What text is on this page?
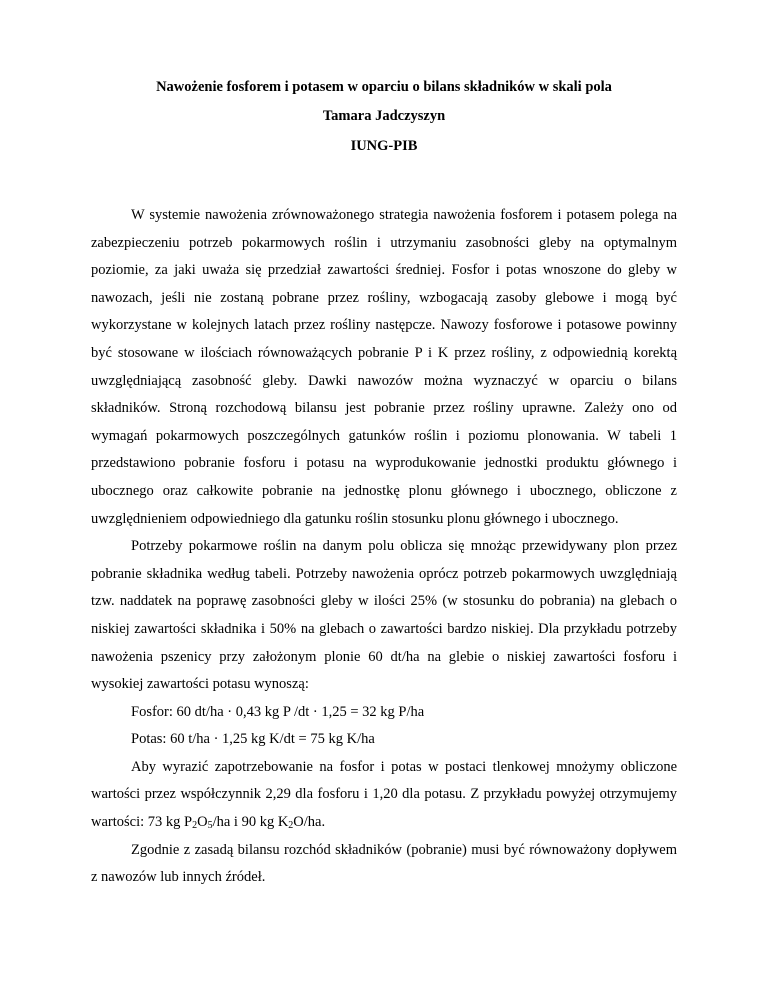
Nawożenie fosforem i potasem w oparciu o bilans składników w skali pola
Tamara Jadczyszyn
IUNG-PIB

W systemie nawożenia zrównoważonego strategia nawożenia fosforem i potasem polega na zabezpieczeniu potrzeb pokarmowych roślin i utrzymaniu zasobności gleby na optymalnym poziomie, za jaki uważa się przedział zawartości średniej. Fosfor i potas wnoszone do gleby w nawozach, jeśli nie zostaną pobrane przez rośliny, wzbogacają zasoby glebowe i mogą być wykorzystane w kolejnych latach przez rośliny następcze. Nawozy fosforowe i potasowe powinny być stosowane w ilościach równoważących pobranie P i K przez rośliny, z odpowiednią korektą uwzględniającą zasobność gleby. Dawki nawozów można wyznaczyć w oparciu o bilans składników. Stroną rozchodową bilansu jest pobranie przez rośliny uprawne. Zależy ono od wymagań pokarmowych poszczególnych gatunków roślin i poziomu plonowania. W tabeli 1 przedstawiono pobranie fosforu i potasu na wyprodukowanie jednostki produktu głównego i ubocznego oraz całkowite pobranie na jednostkę plonu głównego i ubocznego, obliczone z uwzględnieniem odpowiedniego dla gatunku roślin stosunku plonu głównego i ubocznego.

Potrzeby pokarmowe roślin na danym polu oblicza się mnożąc przewidywany plon przez pobranie składnika według tabeli. Potrzeby nawożenia oprócz potrzeb pokarmowych uwzględniają tzw. naddatek na poprawę zasobności gleby w ilości 25% (w stosunku do pobrania) na glebach o niskiej zawartości składnika i 50% na glebach o zawartości bardzo niskiej. Dla przykładu potrzeby nawożenia pszenicy przy założonym plonie 60 dt/ha na glebie o niskiej zawartości fosforu i wysokiej zawartości potasu wynoszą:

Fosfor: 60 dt/ha · 0,43 kg P /dt · 1,25 = 32 kg P/ha

Potas: 60 t/ha · 1,25 kg K/dt = 75 kg K/ha

Aby wyrazić zapotrzebowanie na fosfor i potas w postaci tlenkowej mnożymy obliczone wartości przez współczynnik 2,29 dla fosforu i 1,20 dla potasu. Z przykładu powyżej otrzymujemy wartości: 73 kg $P_2O_5/ha$ i 90 kg $K_2O/ha$.

Zgodnie z zasadą bilansu rozchód składników (pobranie) musi być równoważony dopływem z nawozów lub innych źródeł.
